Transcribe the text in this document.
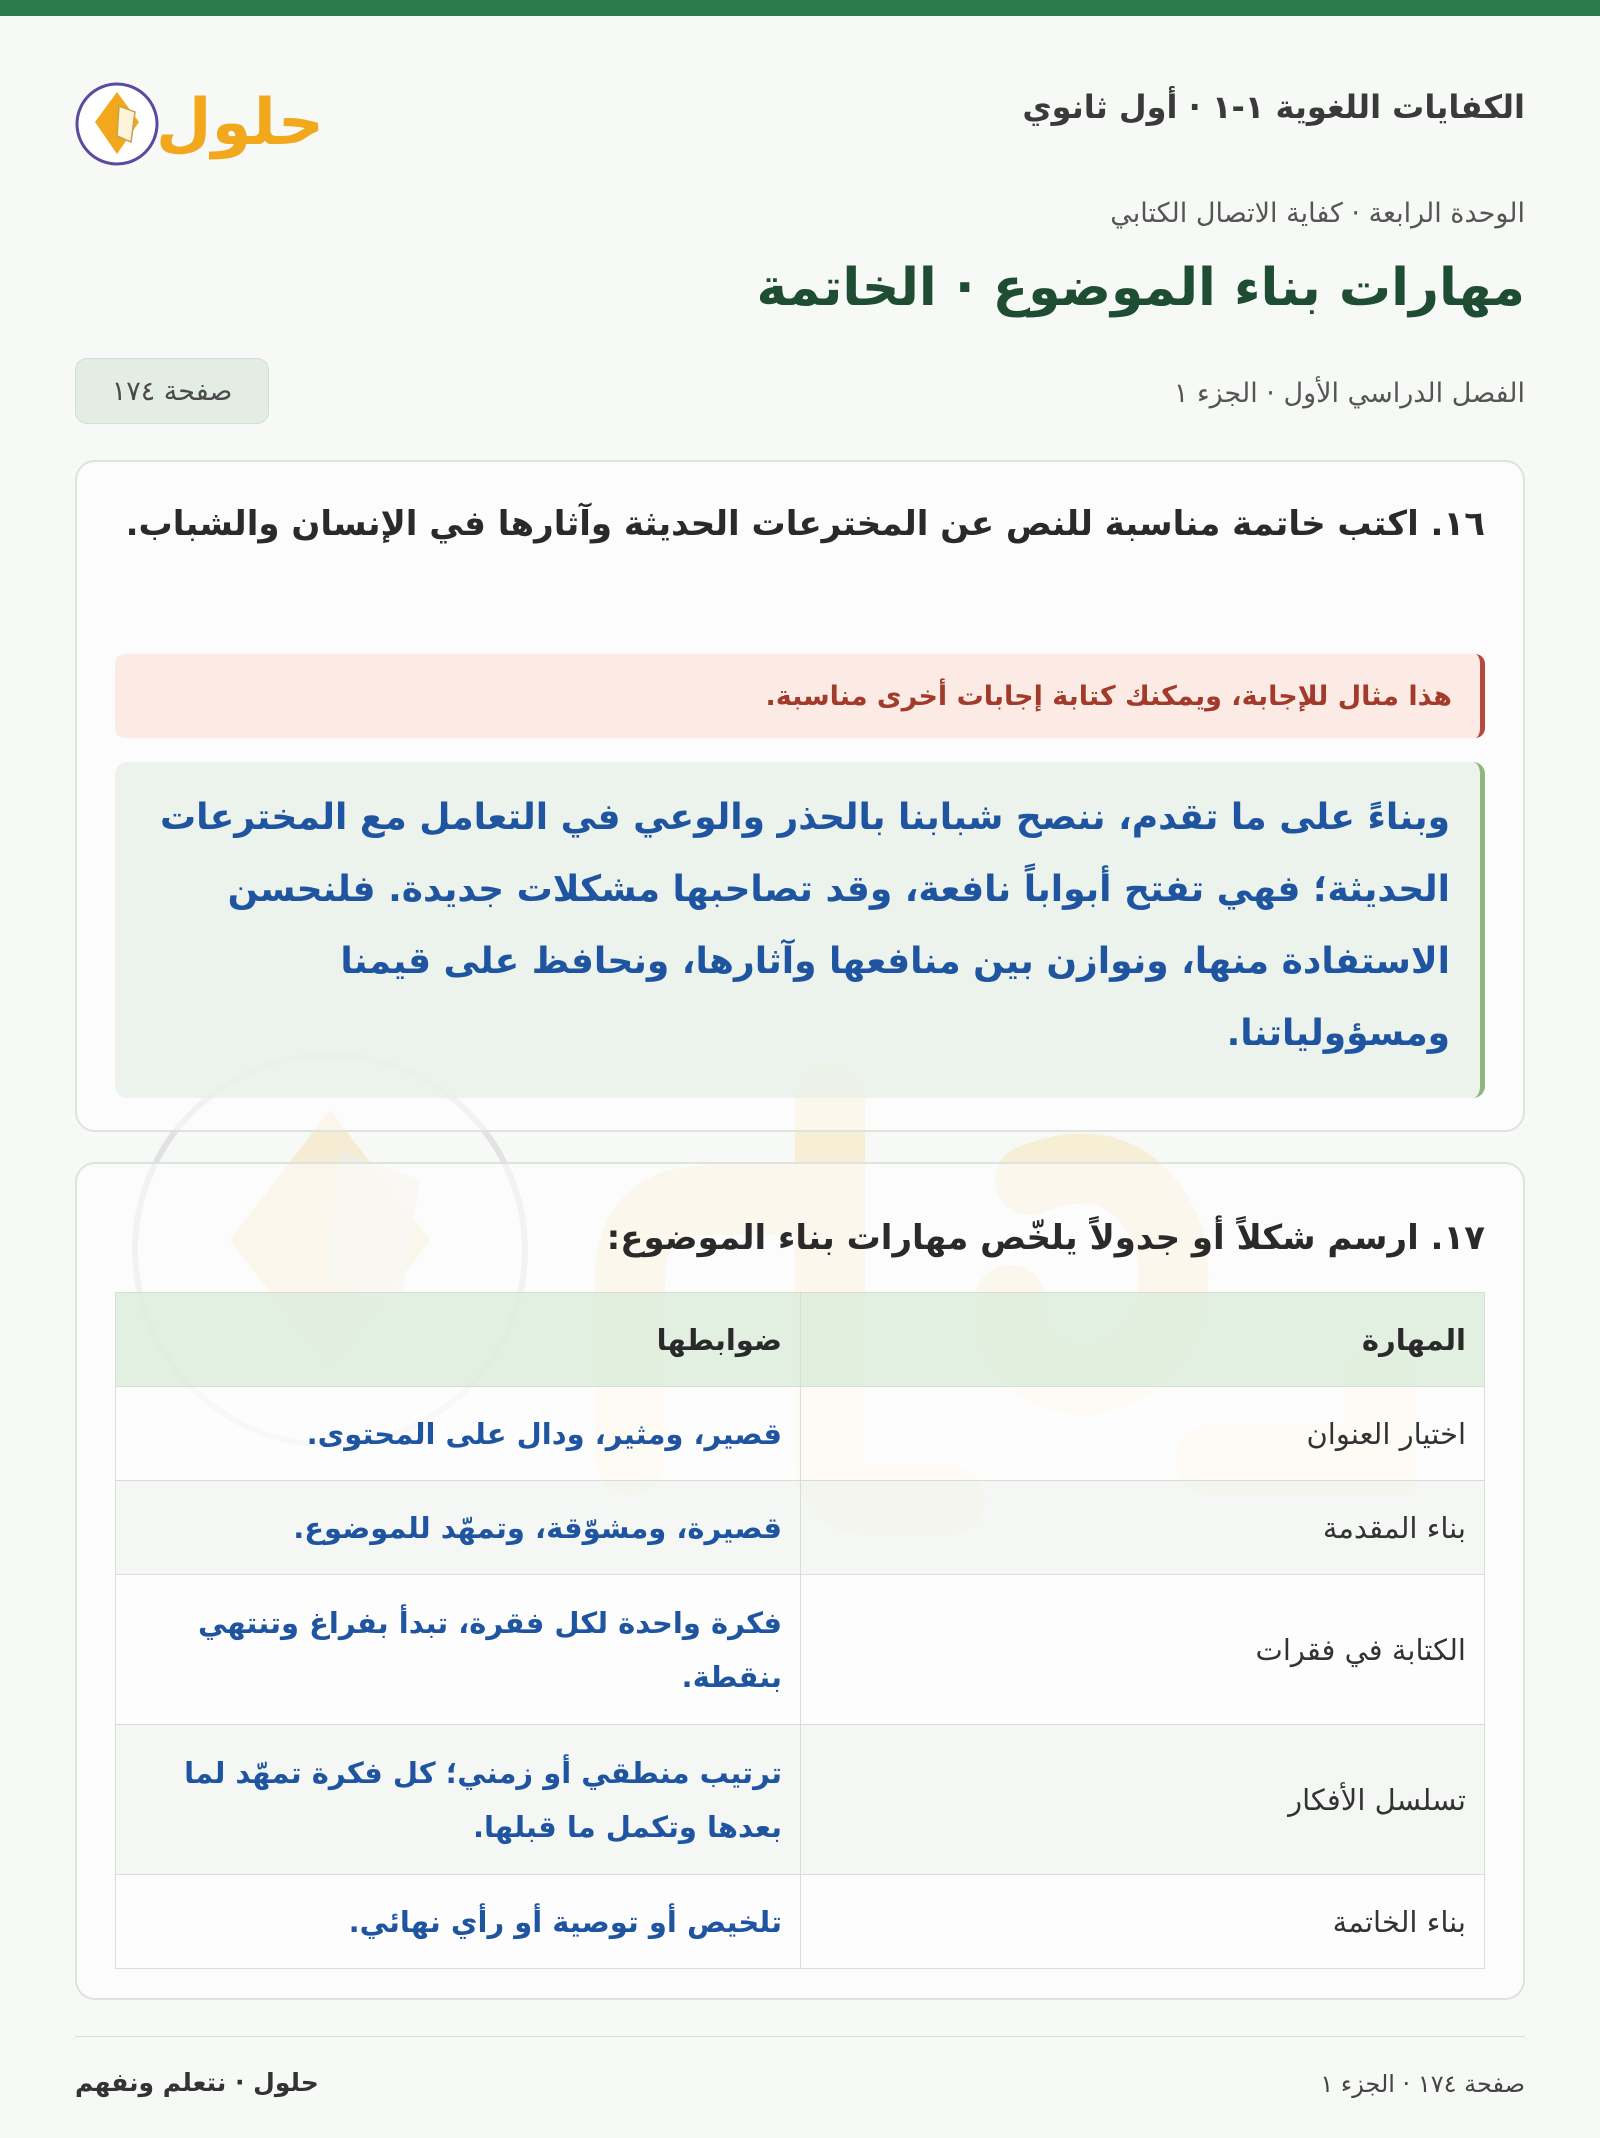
الكفايات اللغوية ١-١ · أول ثانوي
حلول
الوحدة الرابعة · كفاية الاتصال الكتابي
مهارات بناء الموضوع · الخاتمة
الفصل الدراسي الأول · الجزء ١
صفحة ١٧٤
١٦. اكتب خاتمة مناسبة للنص عن المخترعات الحديثة وآثارها في الإنسان والشباب.
هذا مثال للإجابة، ويمكنك كتابة إجابات أخرى مناسبة.
وبناءً على ما تقدم، ننصح شبابنا بالحذر والوعي في التعامل مع المخترعات الحديثة؛ فهي تفتح أبواباً نافعة، وقد تصاحبها مشكلات جديدة. فلنحسن الاستفادة منها، ونوازن بين منافعها وآثارها، ونحافظ على قيمنا ومسؤولياتنا.
١٧. ارسم شكلاً أو جدولاً يلخّص مهارات بناء الموضوع:
المهارة	ضوابطها
اختيار العنوان	قصير، ومثير، ودال على المحتوى.
بناء المقدمة	قصيرة، ومشوّقة، وتمهّد للموضوع.
الكتابة في فقرات	فكرة واحدة لكل فقرة، تبدأ بفراغ وتنتهي بنقطة.
تسلسل الأفكار	ترتيب منطقي أو زمني؛ كل فكرة تمهّد لما بعدها وتكمل ما قبلها.
بناء الخاتمة	تلخيص أو توصية أو رأي نهائي.
صفحة ١٧٤ · الجزء ١
حلول · نتعلم ونفهم
